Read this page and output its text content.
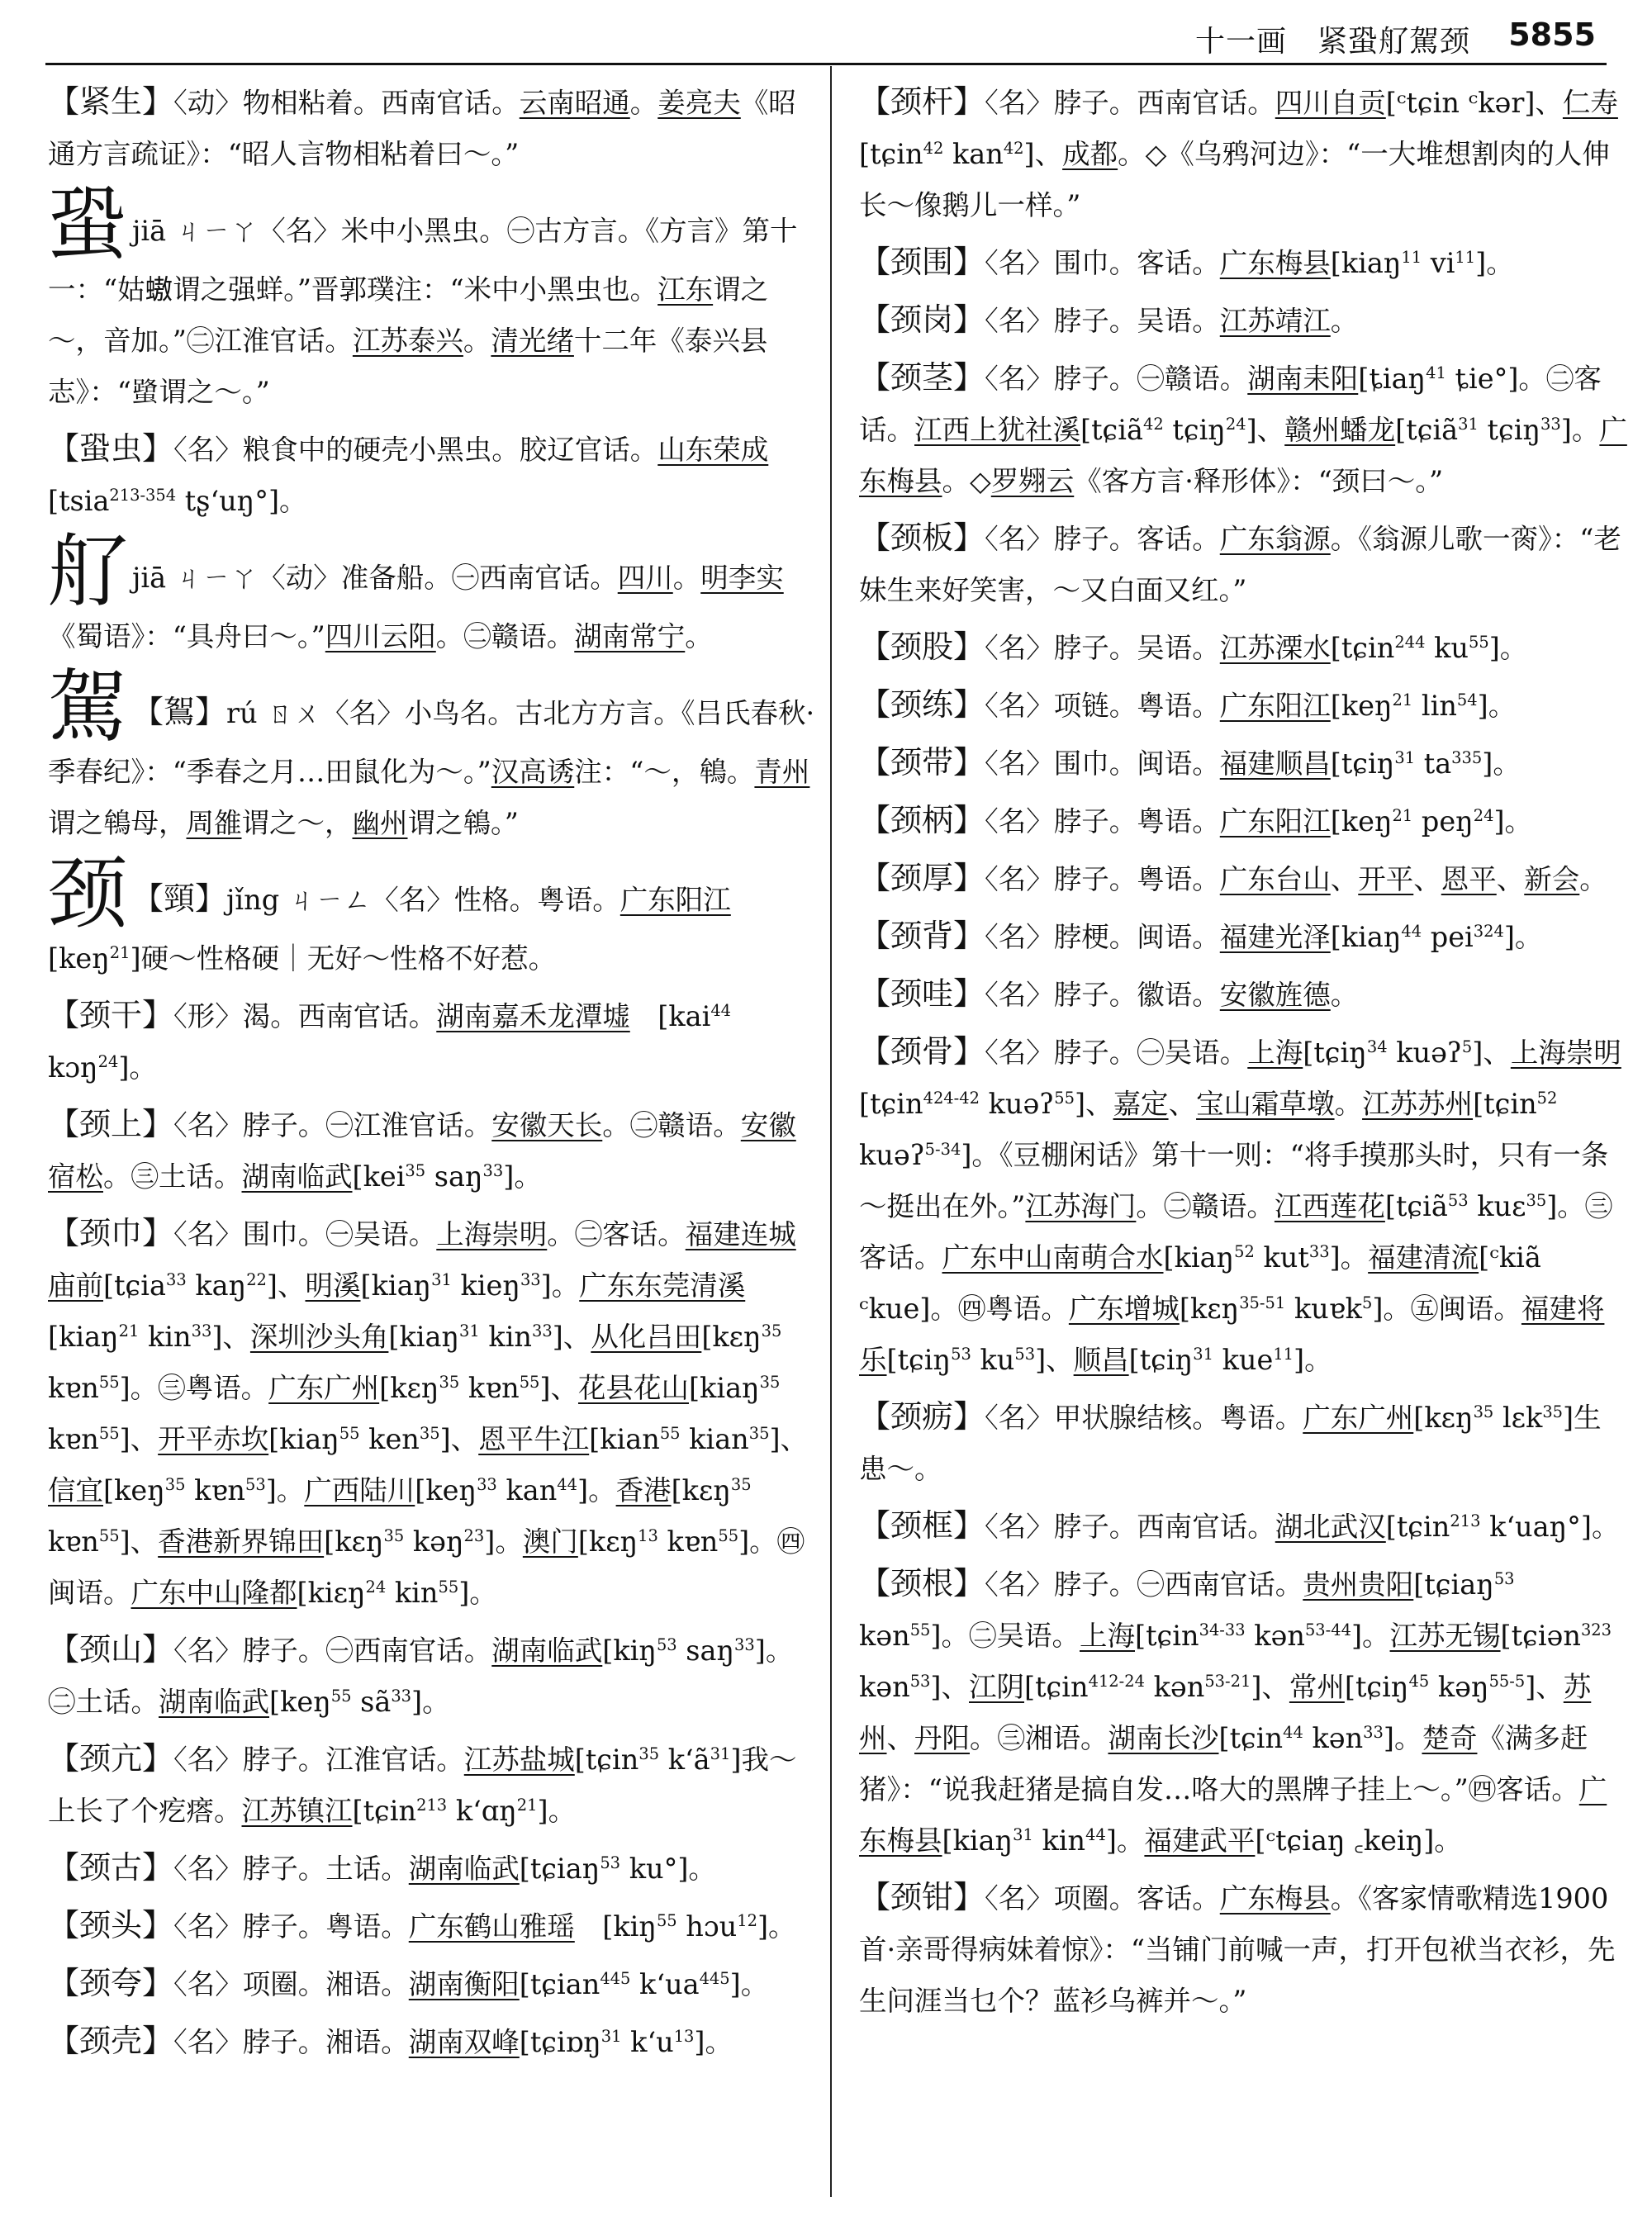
十一画　紧蛩䑠駕颈 5855
【紧生】〈动〉物相粘着。西南官话。云南昭通。姜亮夫《昭通方言疏证》：“昭人言物相粘着曰～。”
蛩jiā ㄐㄧㄚ〈名〉米中小黑虫。㊀古方言。《方言》第十一：“姑𧑃谓之强蛘。”晋郭璞注：“米中小黑虫也。江东谓之～，音加。”㊁江淮官话。江苏泰兴。清光绪十二年《泰兴县志》：“𧒍谓之～。”
【蛩虫】〈名〉粮食中的硬壳小黑虫。胶辽官话。山东荣成[tsia$^{213-354}$ tʂʻuŋ°]。
䑠jiā ㄐㄧㄚ〈动〉准备船。㊀西南官话。四川。明李实《蜀语》：“具舟曰～。”四川云阳。㊁赣语。湖南常宁。
駕 【鴽】rú ㄖㄨ〈名〉小鸟名。古北方方言。《吕氏春秋·季春纪》：“季春之月…田鼠化为～。”汉高诱注：“～，鴾。青州谓之鴾母，周雒谓之～，幽州谓之鴾。”
颈 【頸】jǐng ㄐㄧㄥ〈名〉性格。粤语。广东阳江[keŋ$^{21}$]硬～性格硬｜无好～性格不好惹。
【颈干】〈形〉渴。西南官话。湖南嘉禾龙潭墟　[kai$^{44}$ kɔŋ$^{24}$]。
【颈上】〈名〉脖子。㊀江淮官话。安徽天长。㊁赣语。安徽宿松。㊂土话。湖南临武[kei$^{35}$ saŋ$^{33}$]。
【颈巾】〈名〉围巾。㊀吴语。上海崇明。㊁客话。福建连城庙前[tɕia$^{33}$ kaŋ$^{22}$]、明溪[kiaŋ$^{31}$ kieŋ$^{33}$]。广东东莞清溪[kiaŋ$^{21}$ kin$^{33}$]、深圳沙头角[kiaŋ$^{31}$ kin$^{33}$]、从化吕田[kɛŋ$^{35}$ kɐn$^{55}$]。㊂粤语。广东广州[kɛŋ$^{35}$ kɐn$^{55}$]、花县花山[kiaŋ$^{35}$ kɐn$^{55}$]、开平赤坎[kiaŋ$^{55}$ ken$^{35}$]、恩平牛江[kian$^{55}$ kian$^{35}$]、信宜[keŋ$^{35}$ kɐn$^{53}$]。广西陆川[keŋ$^{33}$ kan$^{44}$]。香港[kɛŋ$^{35}$ kɐn$^{55}$]、香港新界锦田[kɛŋ$^{35}$ kəŋ$^{23}$]。澳门[kɛŋ$^{13}$ kɐn$^{55}$]。㊃闽语。广东中山隆都[kiɛŋ$^{24}$ kin$^{55}$]。
【颈山】〈名〉脖子。㊀西南官话。湖南临武[kiŋ$^{53}$ saŋ$^{33}$]。㊁土话。湖南临武[keŋ$^{55}$ $sã^{33}$]。
【颈亢】〈名〉脖子。江淮官话。江苏盐城[tɕin$^{35}$ kʻã$^{31}$]我～上长了个疙瘩。江苏镇江[tɕin$^{213}$ kʻɑŋ$^{21}$]。
【颈古】〈名〉脖子。土话。湖南临武[tɕiaŋ$^{53}$ ku°]。
【颈头】〈名〉脖子。粤语。广东鹤山雅瑶　[kiŋ$^{55}$ hɔu$^{12}$]。
【颈夸】〈名〉项圈。湘语。湖南衡阳[tɕian$^{445}$ kʻua$^{445}$]。
【颈壳】〈名〉脖子。湘语。湖南双峰[tɕiɒŋ$^{31}$ kʻu$^{13}$]。
【颈杆】〈名〉脖子。西南官话。四川自贡[ᶜtɕin ᶜkər]、仁寿[tɕin$^{42}$ kan$^{42}$]、成都。◇《乌鸦河边》：“一大堆想割肉的人伸长～像鹅儿一样。”
【颈围】〈名〉围巾。客话。广东梅县[kiaŋ$^{11}$ $vi^{11}$]。
【颈岗】〈名〉脖子。吴语。江苏靖江。
【颈茎】〈名〉脖子。㊀赣语。湖南耒阳[ȶiaŋ$^{41}$ ȶie°]。㊁客话。江西上犹社溪[tɕiã$^{42}$ tɕiŋ$^{24}$]、赣州蟠龙[tɕiã$^{31}$ tɕiŋ$^{33}$]。广东梅县。◇罗翙云《客方言·释形体》：“颈曰～。”
【颈板】〈名〉脖子。客话。广东翁源。《翁源儿歌一脔》：“老妹生来好笑害，～又白面又红。”
【颈股】〈名〉脖子。吴语。江苏溧水[tɕin$^{244}$ $ku^{55}$]。
【颈练】〈名〉项链。粤语。广东阳江[keŋ$^{21}$ lin$^{54}$]。
【颈带】〈名〉围巾。闽语。福建顺昌[tɕiŋ$^{31}$ $ta^{335}$]。
【颈柄】〈名〉脖子。粤语。广东阳江[keŋ$^{21}$ peŋ$^{24}$]。
【颈厚】〈名〉脖子。粤语。广东台山、开平、恩平、新会。
【颈背】〈名〉脖梗。闽语。福建光泽[kiaŋ$^{44}$ pei$^{324}$]。
【颈哇】〈名〉脖子。徽语。安徽旌德。
【颈骨】〈名〉脖子。㊀吴语。上海[tɕiŋ$^{34}$ kuəʔ$^5$]、上海崇明[tɕin$^{424-42}$ kuəʔ$^{55}$]、嘉定、宝山霜草墩。江苏苏州[tɕin$^{52}$ kuəʔ$^{5-34}$]。《豆棚闲话》第十一则：“将手摸那头时，只有一条～挺出在外。”江苏海门。㊁赣语。江西莲花[tɕiã$^{53}$ kuɛ$^{35}$]。㊂客话。广东中山南萌合水[kiaŋ$^{52}$ kut$^{33}$]。福建清流[ᶜkiã ᶜkue]。㊃粤语。广东增城[kɛŋ$^{35-51}$ kuɐk$^5$]。㊄闽语。福建将乐[tɕiŋ$^{53}$ $ku^{53}$]、顺昌[tɕiŋ$^{31}$ kue$^{11}$]。
【颈疬】〈名〉甲状腺结核。粤语。广东广州[kɛŋ$^{35}$ lɛk$^{35}$]生患～。
【颈框】〈名〉脖子。西南官话。湖北武汉[tɕin$^{213}$ kʻuaŋ°]。
【颈根】〈名〉脖子。㊀西南官话。贵州贵阳[tɕiaŋ$^{53}$ kən$^{55}$]。㊁吴语。上海[tɕin$^{34-33}$ kən$^{53-44}$]。江苏无锡[tɕiən$^{323}$ kən$^{53}$]、江阴[tɕin$^{412-24}$ kən$^{53-21}$]、常州[tɕiŋ$^{45}$ kəŋ$^{55-5}$]、苏州、丹阳。㊂湘语。湖南长沙[tɕin$^{44}$ kən$^{33}$]。楚奇《满多赶猪》：“说我赶猪是搞自发…咯大的黑牌子挂上～。”㊃客话。广东梅县[kiaŋ$^{31}$ kin$^{44}$]。福建武平[ᶜtɕiaŋ ꜀keiŋ]。
【颈钳】〈名〉项圈。客话。广东梅县。《客家情歌精选1900首·亲哥得病妹着惊》：“当铺门前喊一声，打开包袱当衣衫，先生问涯当乜个？蓝衫乌裤并～。”
